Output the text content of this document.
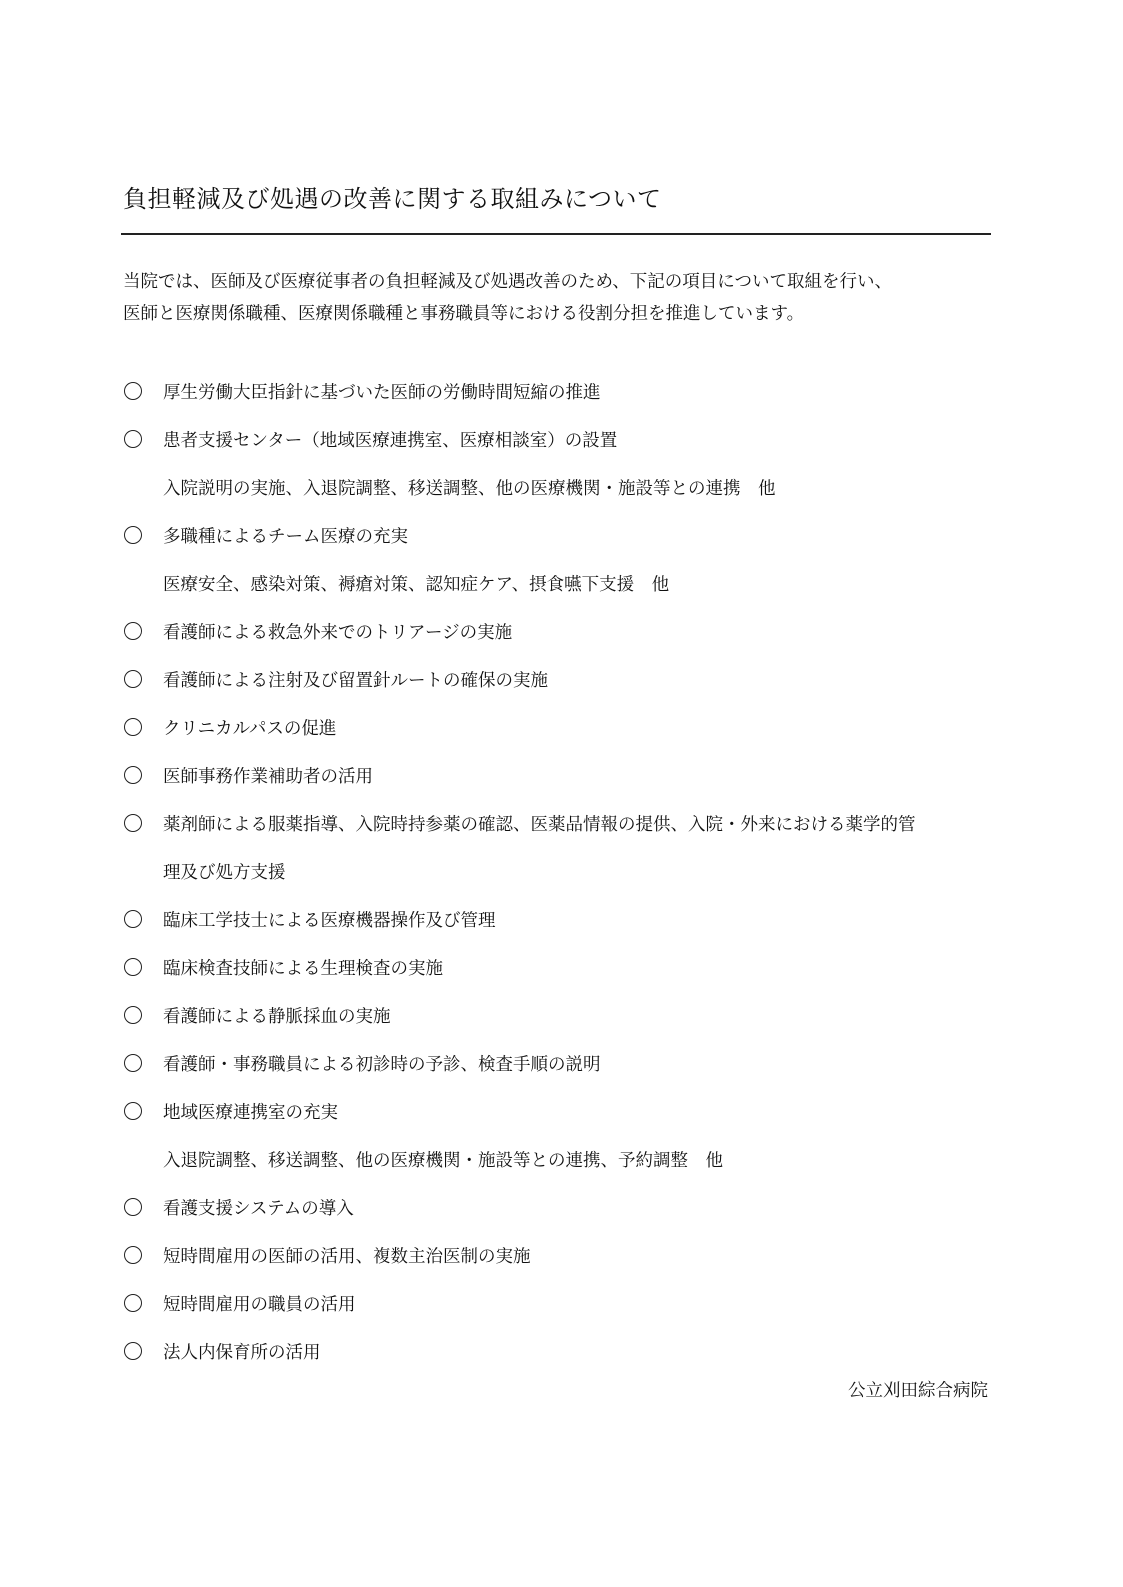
負担軽減及び処遇の改善に関する取組みについて
当院では、医師及び医療従事者の負担軽減及び処遇改善のため、下記の項目について取組を行い、
医師と医療関係職種、医療関係職種と事務職員等における役割分担を推進しています。
厚生労働大臣指針に基づいた医師の労働時間短縮の推進
患者支援センター（地域医療連携室、医療相談室）の設置
入院説明の実施、入退院調整、移送調整、他の医療機関・施設等との連携　他
多職種によるチーム医療の充実
医療安全、感染対策、褥瘡対策、認知症ケア、摂食嚥下支援　他
看護師による救急外来でのトリアージの実施
看護師による注射及び留置針ルートの確保の実施
クリニカルパスの促進
医師事務作業補助者の活用
薬剤師による服薬指導、入院時持参薬の確認、医薬品情報の提供、入院・外来における薬学的管
理及び処方支援
臨床工学技士による医療機器操作及び管理
臨床検査技師による生理検査の実施
看護師による静脈採血の実施
看護師・事務職員による初診時の予診、検査手順の説明
地域医療連携室の充実
入退院調整、移送調整、他の医療機関・施設等との連携、予約調整　他
看護支援システムの導入
短時間雇用の医師の活用、複数主治医制の実施
短時間雇用の職員の活用
法人内保育所の活用
公立刈田綜合病院
